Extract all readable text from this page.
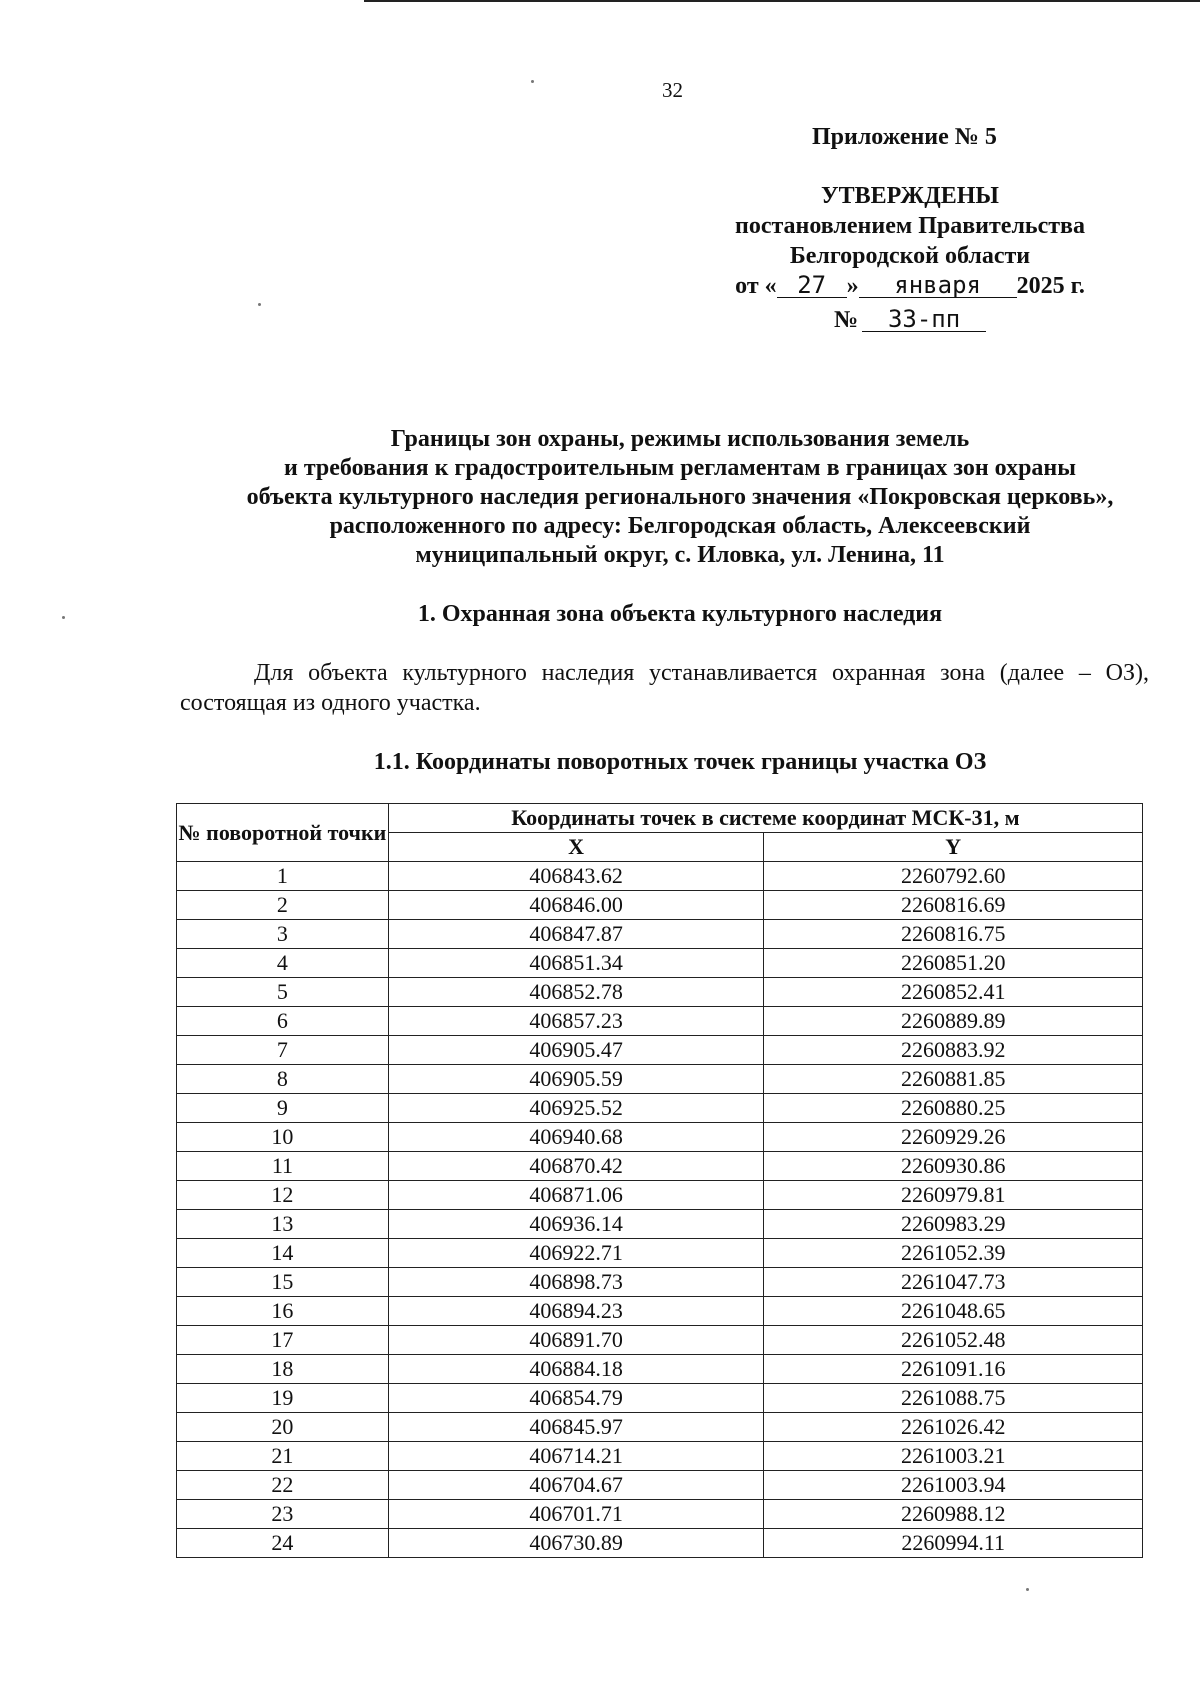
32
Приложение № 5
УТВЕРЖДЕНЫ
постановлением Правительства
Белгородской области
от « 27 » января 2025 г.
№ 33-пп
Границы зон охраны, режимы использования земель
и требования к градостроительным регламентам в границах зон охраны
объекта культурного наследия регионального значения «Покровская церковь»,
расположенного по адресу: Белгородская область, Алексеевский
муниципальный округ, с. Иловка, ул. Ленина, 11
1. Охранная зона объекта культурного наследия
Для объекта культурного наследия устанавливается охранная зона (далее – ОЗ), состоящая из одного участка.
1.1. Координаты поворотных точек границы участка ОЗ
№ поворотной точки	Координаты точек в системе координат МСК-31, м	
	X	Y
1	406843.62	2260792.60
2	406846.00	2260816.69
3	406847.87	2260816.75
4	406851.34	2260851.20
5	406852.78	2260852.41
6	406857.23	2260889.89
7	406905.47	2260883.92
8	406905.59	2260881.85
9	406925.52	2260880.25
10	406940.68	2260929.26
11	406870.42	2260930.86
12	406871.06	2260979.81
13	406936.14	2260983.29
14	406922.71	2261052.39
15	406898.73	2261047.73
16	406894.23	2261048.65
17	406891.70	2261052.48
18	406884.18	2261091.16
19	406854.79	2261088.75
20	406845.97	2261026.42
21	406714.21	2261003.21
22	406704.67	2261003.94
23	406701.71	2260988.12
24	406730.89	2260994.11
